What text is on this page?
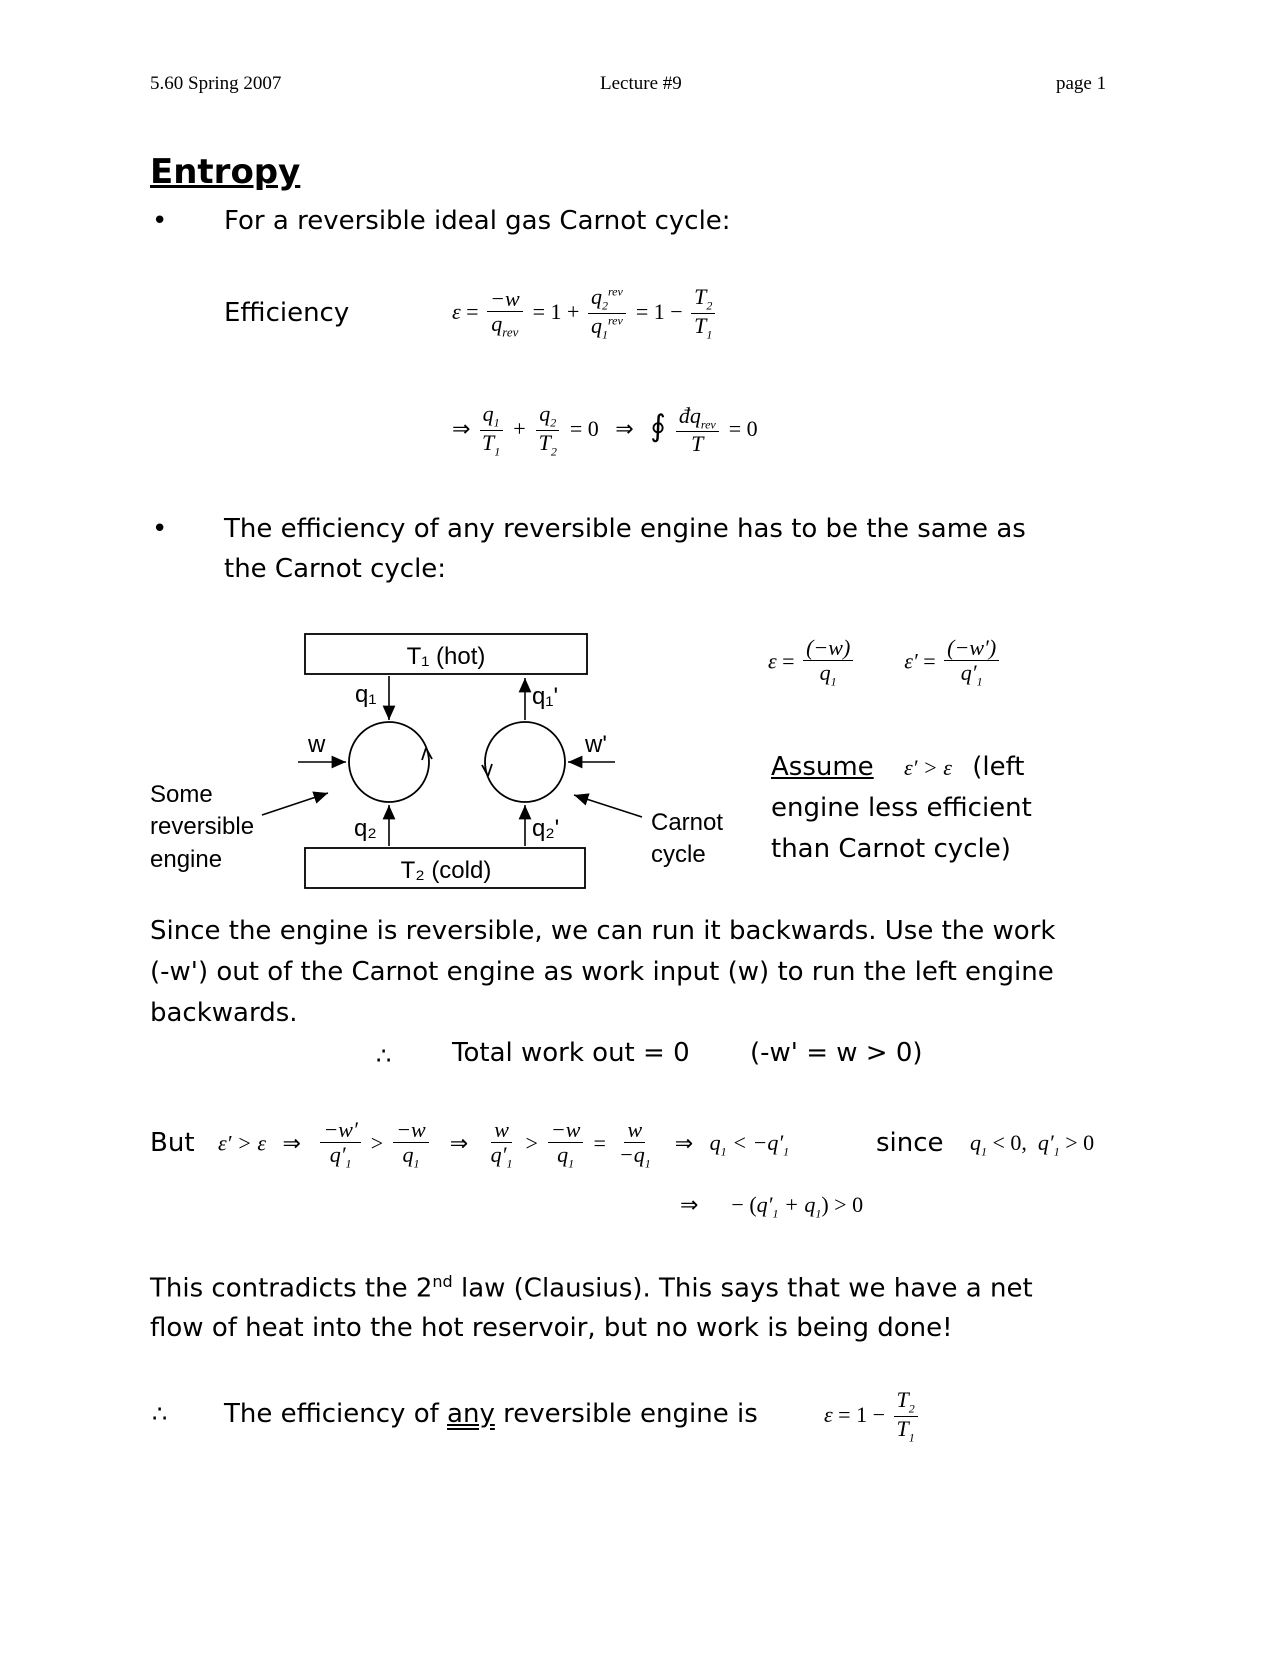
5.60 Spring 2007	Lecture #9	page 1
Entropy
• For a reversible ideal gas Carnot cycle:
Efficiency	$\varepsilon = \frac{-w}{q_{rev}} = 1 + \frac{q_2^{rev}}{q_1^{rev}} = 1 - \frac{T_2}{T_1}$
⇒ $\frac{q_1}{T_1} + \frac{q_2}{T_2} = 0$   ⇒   ∮ $\frac{đq_{rev}}{T} = 0$
• The efficiency of any reversible engine has to be the same as
the Carnot cycle:
T₁ (hot)
T₂ (cold)
q₁	q₁'
q₂	q₂'
w	w'
Some
reversible
engine
Carnot
cycle
$\varepsilon = \frac{(-w)}{q_1} \varepsilon' = \frac{(-w')}{q'_1}$
Assume ε′ > ε (left
engine less efficient
than Carnot cycle)
Since the engine is reversible, we can run it backwards. Use the work
(-w') out of the Carnot engine as work input (w) to run the left engine
backwards.
∴ Total work out = 0 (-w' = w > 0)
But ε′ > ε   ⇒ $\frac{-w'}{q'_1} > \frac{-w}{q_1}$ ⇒ $\frac{w}{q'_1} > \frac{-w}{q_1} = \frac{w}{-q_1}$ ⇒   $q_1 < -q'_1$	since $q_1 < 0$,  $q'_1 > 0$
⇒      − $(q'_1 + q_1) > 0$
This contradicts the 2nd law (Clausius). This says that we have a net
flow of heat into the hot reservoir, but no work is being done!
∴ The efficiency of any reversible engine is	$\varepsilon = 1 - \frac{T_2}{T_1}$
